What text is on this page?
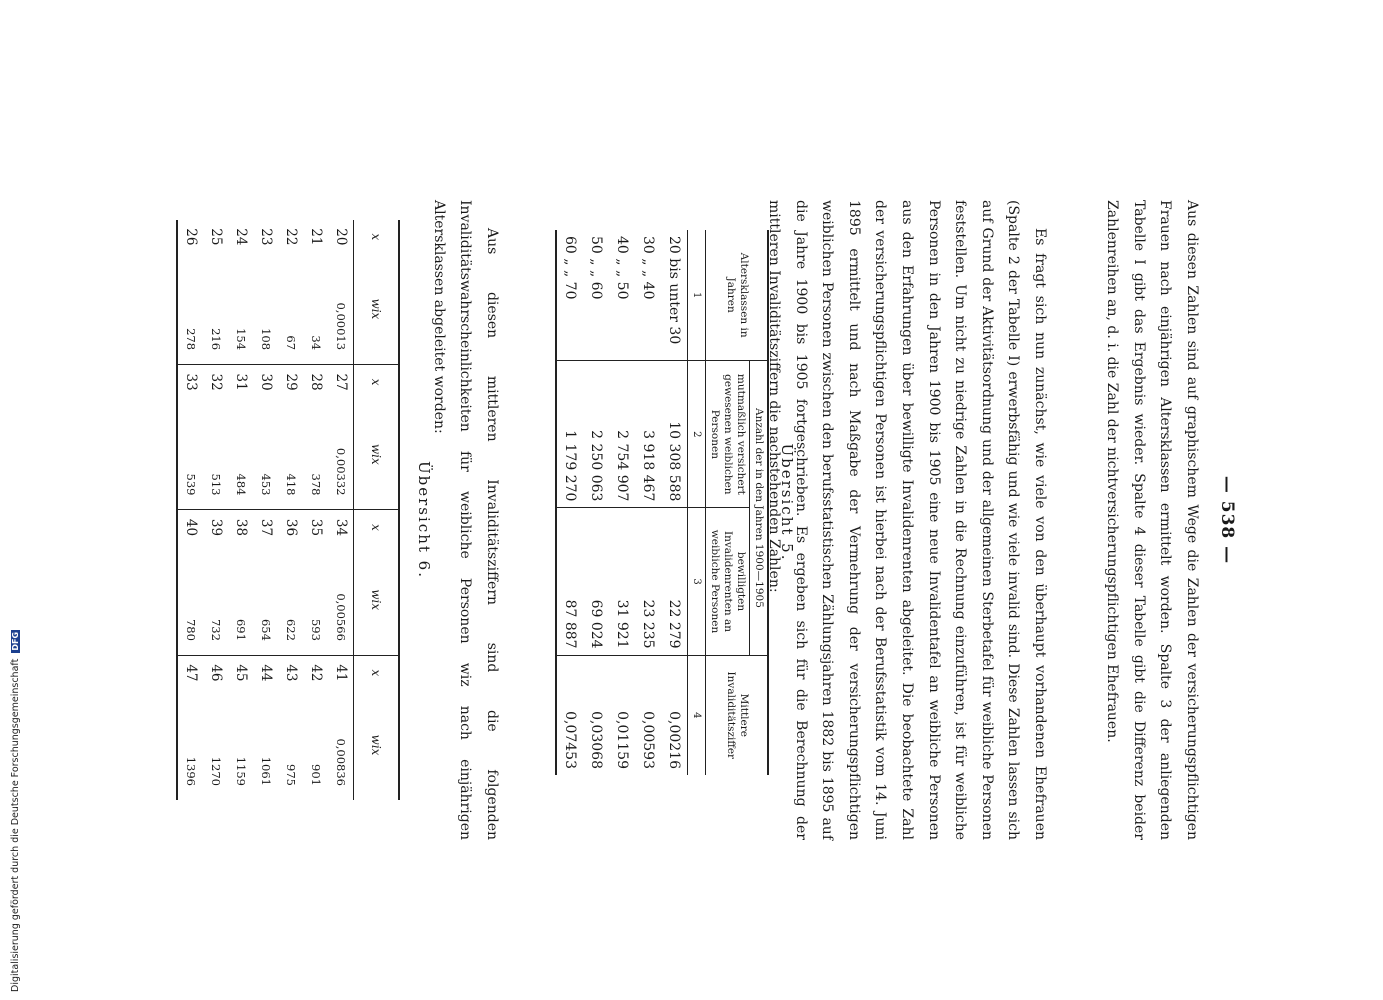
— 538 —

Aus diesen Zahlen sind auf graphischem Wege die Zahlen der versicherungspflichtigen Frauen nach einjährigen Altersklassen ermittelt worden. Spalte 3 der anliegenden Tabelle I gibt das Ergebnis wieder. Spalte 4 dieser Tabelle gibt die Differenz beider Zahlenreihen an, d. i. die Zahl der nichtversicherungspflichtigen Ehefrauen.

Es fragt sich nun zunächst, wie viele von den überhaupt vorhandenen Ehefrauen (Spalte 2 der Tabelle I) erwerbsfähig und wie viele invalid sind. Diese Zahlen lassen sich auf Grund der Aktivitätsordnung und der allgemeinen Sterbetafel für weibliche Personen feststellen. Um nicht zu niedrige Zahlen in die Rechnung einzuführen, ist für weibliche Personen in den Jahren 1900 bis 1905 eine neue Invalidentafel an weibliche Personen aus den Erfahrungen über bewilligte Invalidenrenten abgeleitet. Die beobachtete Zahl der versicherungspflichtigen Personen ist hierbei nach der Berufsstatistik vom 14. Juni 1895 ermittelt und nach Maßgabe der Vermehrung der versicherungspflichtigen weiblichen Personen zwischen den berufsstatistischen Zählungsjahren 1882 bis 1895 auf die Jahre 1900 bis 1905 fortgeschrieben. Es ergeben sich für die Berechnung der mittleren Invaliditätsziffern die nachstehenden Zahlen:

Übersicht 5.
Altersklassen in Jahren	Anzahl der in den Jahren 1900—1905		Mittlere Invaliditätsziffer
	mutmaßlich versichert gewesenen weiblichen Personen	bewilligten Invalidenrenten an weibliche Personen	
1	2	3	4
20 bis unter 30	10 308 588	22 279	0,00216
30 „ „ 40	3 918 467	23 235	0,00593
40 „ „ 50	2 754 907	31 921	0,01159
50 „ „ 60	2 250 063	69 024	0,03068
60 „ „ 70	1 179 270	87 887	0,07453

Aus diesen mittleren Invaliditätsziffern sind die folgenden Invaliditätswahrscheinlichkeiten für weibliche Personen wiz nach einjährigen Altersklassen abgeleitet worden:

Übersicht 6.
x	wix	x	wix	x	wix	x	wix
20	0,00013	27	0,00332	34	0,00566	41	0,00836
21	34	28	378	35	593	42	901
22	67	29	418	36	622	43	975
23	108	30	453	37	654	44	1061
24	154	31	484	38	691	45	1159
25	216	32	513	39	732	46	1270
26	278	33	539	40	780	47	1396

Digitalisierung gefördert durch die Deutsche Forschungsgemeinschaft DFG
